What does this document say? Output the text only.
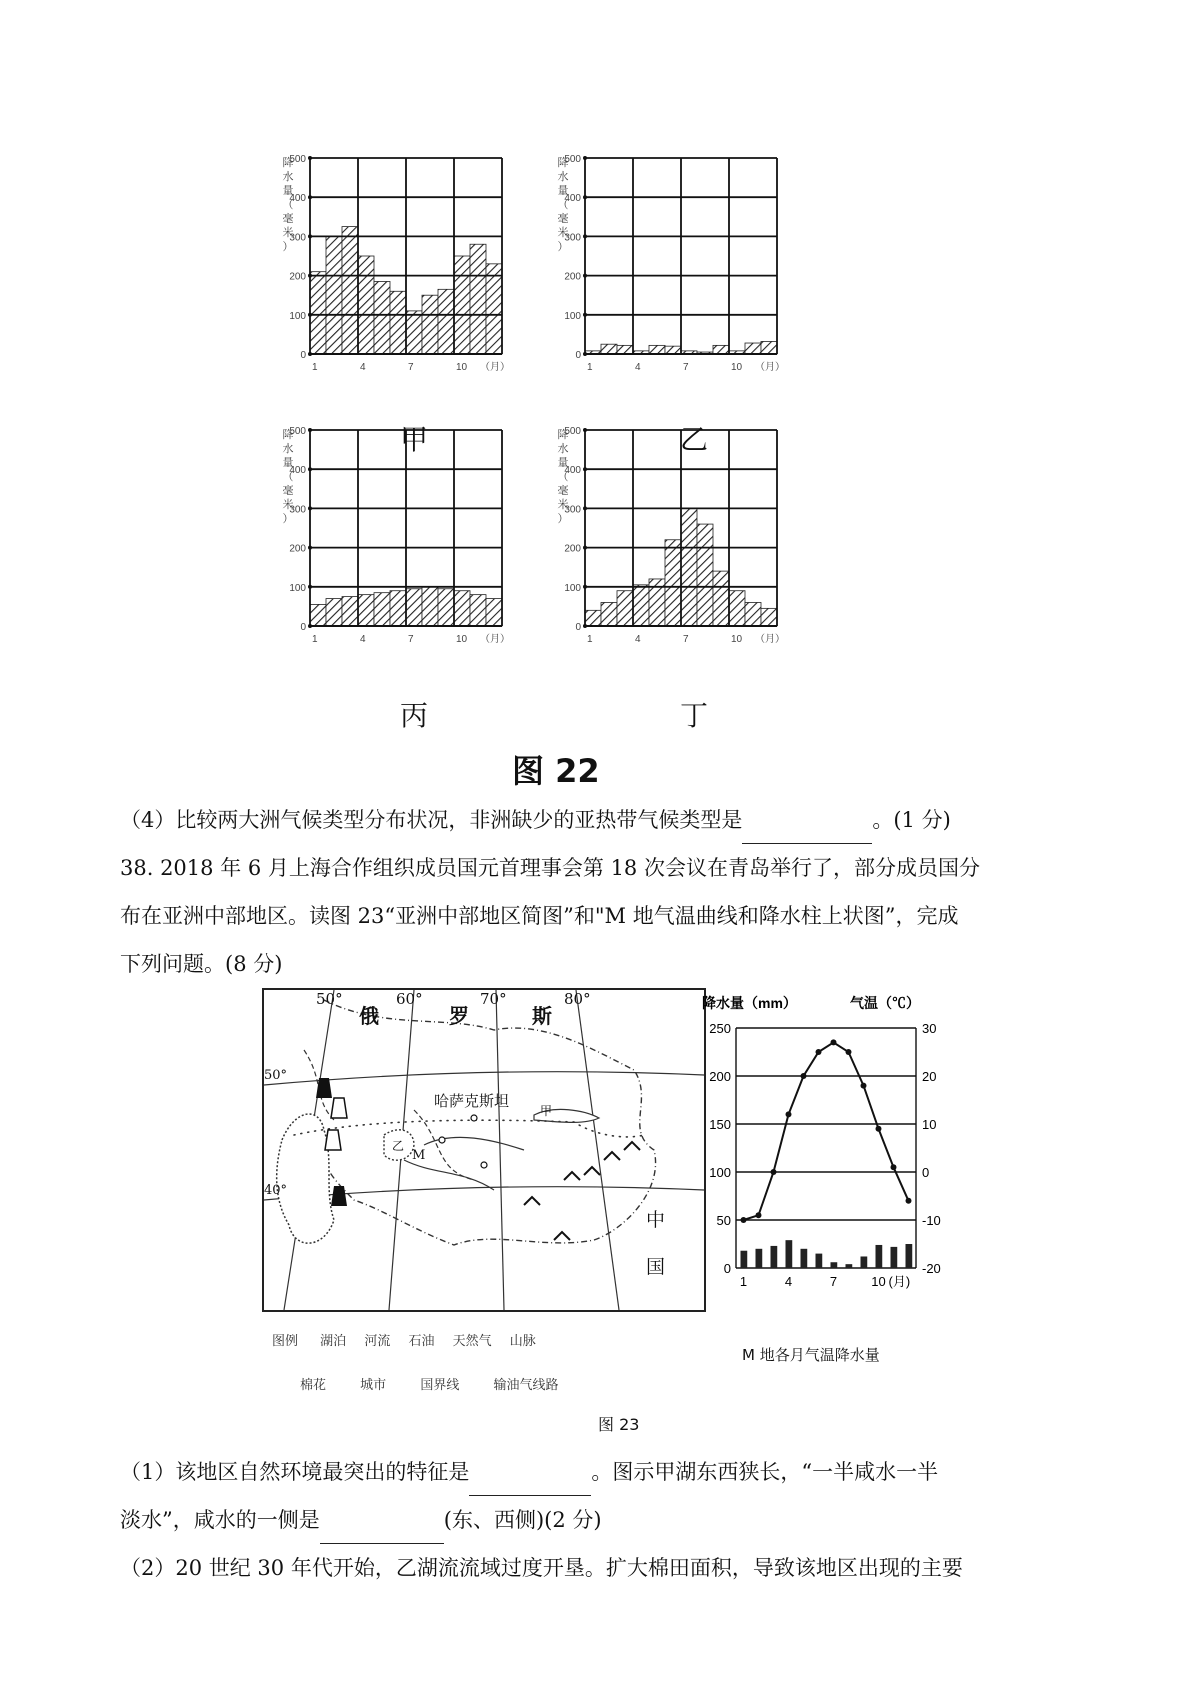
0
100
200
300
400
500
1	4	7	10 （月）
降
水
量
（
毫
米
）
0
100
200
300
400
500
1	4	7	10 （月）
降
水
量
（
毫
米
）
0
100
200
300
400
500
1	4	7	10 （月）
降
水
量
（
毫
米
）
0
100
200
300
400
500
1	4	7	10 （月）
降
水
量
（
毫
米
）
甲	乙
丙	丁
图 22
（4）比较两大洲气候类型分布状况，非洲缺少的亚热带气候类型是	。(1 分)
38. 2018 年 6 月上海合作组织成员国元首理事会第 18 次会议在青岛举行了，部分成员国分
布在亚洲中部地区。读图 23“亚洲中部地区简图”和"M 地气温曲线和降水柱上状图”，完成
下列问题。(8 分)
50°	60°	70°	80°
50°
40°
俄	罗	斯
哈萨克斯坦
中
国
甲
乙
M
图例 湖泊 河流 石油 天然气 山脉
棉花	城市	国界线	输油气线路
降水量（mm）	气温（℃）
0	-20
50	-10
100	0
150	10
200	20
250	30
1	4	7	10 (月)
M 地各月气温降水量
图 23
（1）该地区自然环境最突出的特征是	。图示甲湖东西狭长，“一半咸水一半
淡水”，咸水的一侧是	(东、西侧)(2 分)
（2）20 世纪 30 年代开始，乙湖流流域过度开垦。扩大棉田面积，导致该地区出现的主要
